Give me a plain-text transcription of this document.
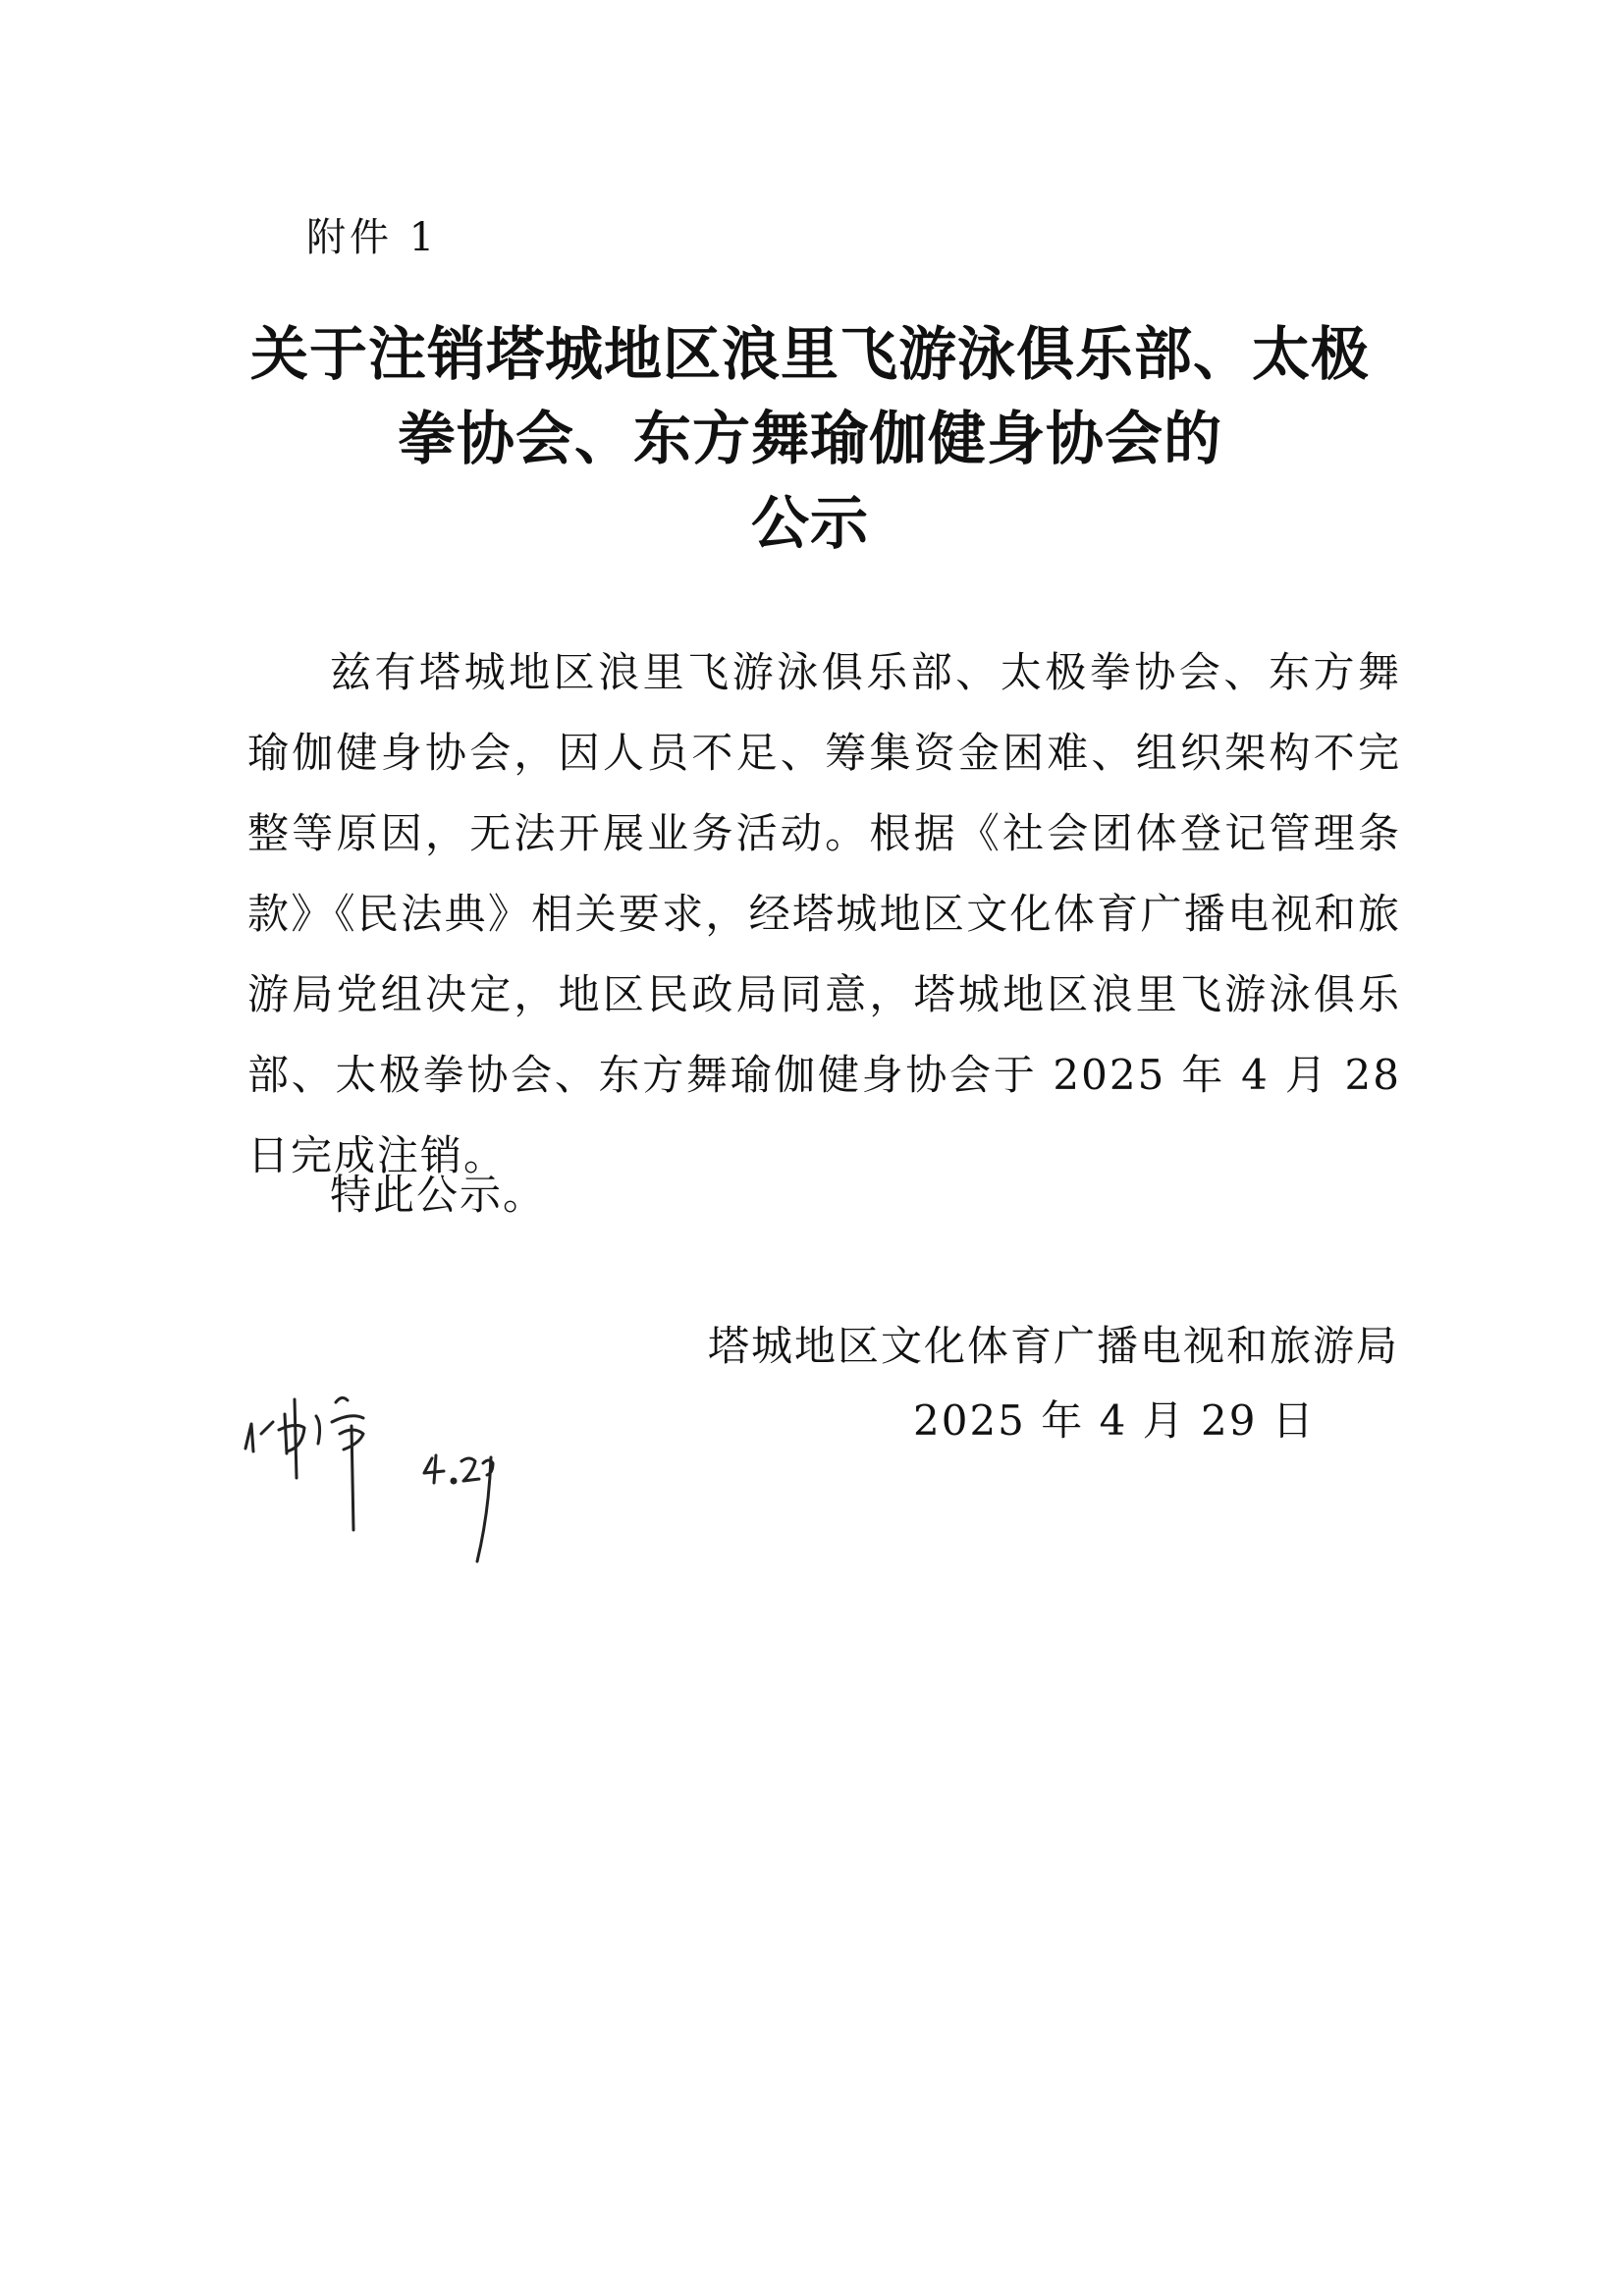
附件 1
关于注销塔城地区浪里飞游泳俱乐部、太极
拳协会、东方舞瑜伽健身协会的
公示

兹有塔城地区浪里飞游泳俱乐部、太极拳协会、东方舞瑜伽健身协会，因人员不足、筹集资金困难、组织架构不完整等原因，无法开展业务活动。根据《社会团体登记管理条款》《民法典》相关要求，经塔城地区文化体育广播电视和旅游局党组决定，地区民政局同意，塔城地区浪里飞游泳俱乐部、太极拳协会、东方舞瑜伽健身协会于 2025 年 4 月 28 日完成注销。

特此公示。
塔城地区文化体育广播电视和旅游局
2025 年 4 月 29 日
